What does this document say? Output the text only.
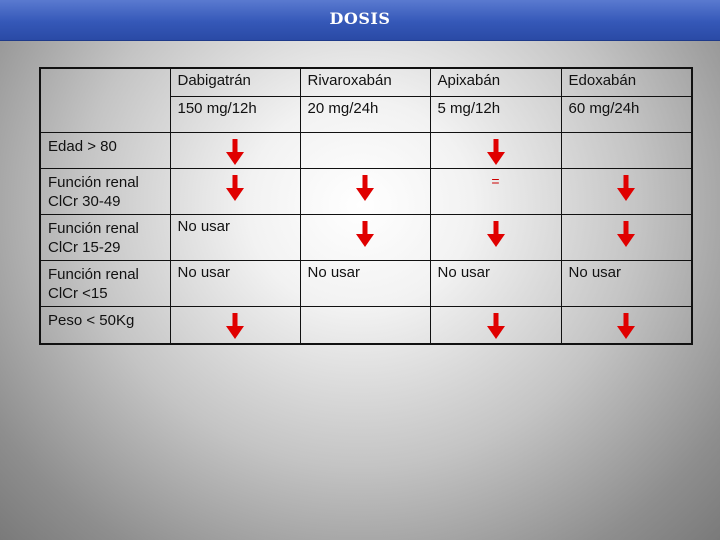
DOSIS

	Dabigatrán	Rivaroxabán	Apixabán	Edoxabán

	150 mg/12h	20 mg/24h	5 mg/12h	60 mg/24h

Edad > 80

Función renal ClCr 30-49			=

Función renal ClCr 15-29	No usar

Función renal ClCr <15	No usar	No usar	No usar	No usar

Peso < 50Kg
